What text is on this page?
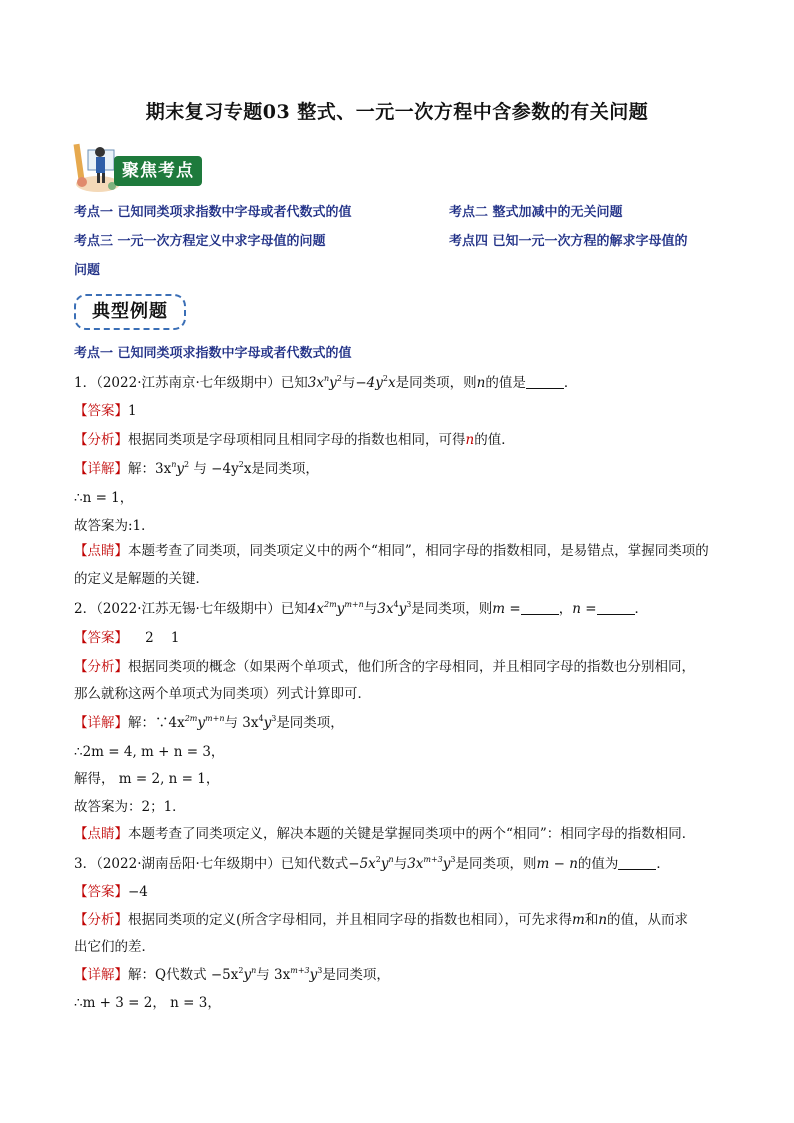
期末复习专题03 整式、一元一次方程中含参数的有关问题
聚焦考点
考点一 已知同类项求指数中字母或者代数式的值	考点二 整式加减中的无关问题
考点三 一元一次方程定义中求字母值的问题	考点四 已知一元一次方程的解求字母值的
问题
典型例题
考点一 已知同类项求指数中字母或者代数式的值
1．（2022·江苏南京·七年级期中）已知$3x^ny^2$与$-4y^2x$是同类项，则n的值是	．
【答案】1
【分析】根据同类项是字母项相同且相同字母的指数也相同，可得n的值．
【详解】解：$3x^ny^2$ 与 $-4y^2x$是同类项，
∴n = 1，
故答案为:1．
【点睛】本题考查了同类项，同类项定义中的两个“相同”，相同字母的指数相同，是易错点，掌握同类项的
的定义是解题的关键．
2．（2022·江苏无锡·七年级期中）已知$4x^{2m}y^{m+n}$与$3x^4y^3$是同类项，则m =	，n =	．
【答案】    2    1
【分析】根据同类项的概念（如果两个单项式，他们所含的字母相同，并且相同字母的指数也分别相同，
那么就称这两个单项式为同类项）列式计算即可．
【详解】解：$\because 4x^{2m}y^{m+n}$与 $3x^4y^3$是同类项，
∴2m = 4, m + n = 3，
解得， m = 2, n = 1，
故答案为：2；1．
【点睛】本题考查了同类项定义，解决本题的关键是掌握同类项中的两个“相同”：相同字母的指数相同．
3．（2022·湖南岳阳·七年级期中）已知代数式$-5x^2y^n$与$3x^{m+3}y^3$是同类项，则m − n的值为	．
【答案】−4
【分析】根据同类项的定义(所含字母相同，并且相同字母的指数也相同），可先求得m和n的值，从而求
出它们的差．
【详解】解：Q代数式 $-5x^2y^n$与 $3x^{m+3}y^3$是同类项，
∴m + 3 = 2， n = 3，
